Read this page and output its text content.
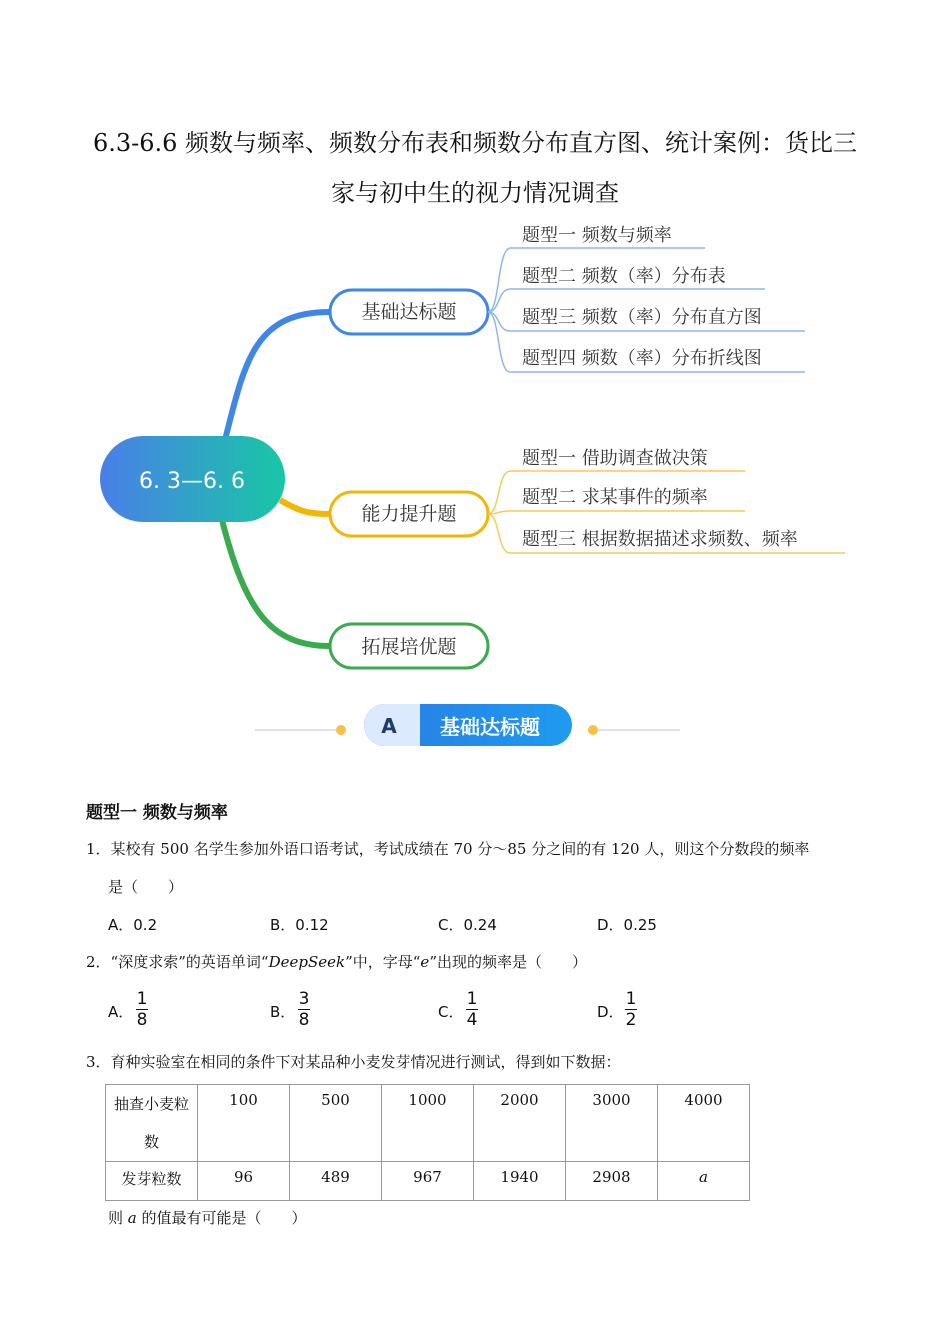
6.3-6.6 频数与频率、频数分布表和频数分布直方图、统计案例：货比三
家与初中生的视力情况调查
6. 3—6. 6
基础达标题
题型一 频数与频率
题型二 频数（率）分布表
题型三 频数（率）分布直方图
题型四 频数（率）分布折线图
能力提升题
题型一 借助调查做决策
题型二 求某事件的频率
题型三 根据数据描述求频数、频率
拓展培优题
A 基础达标题
题型一 频数与频率
1．某校有 500 名学生参加外语口语考试，考试成绩在 70 分～85 分之间的有 120 人，则这个分数段的频率
是（　　）
A．0.2	B．0.12	C．0.24	D．0.25
2．“深度求索”的英语单词“DeepSeek”中，字母“e”出现的频率是（　　）
A．
1
8	B．
3
8	C．
1
4	D．
1
2
3．育种实验室在相同的条件下对某品种小麦发芽情况进行测试，得到如下数据：
抽查小麦粒数	100	500	1000	2000	3000	4000
发芽粒数	96	489	967	1940	2908	a
则 a 的值最有可能是（　　）
